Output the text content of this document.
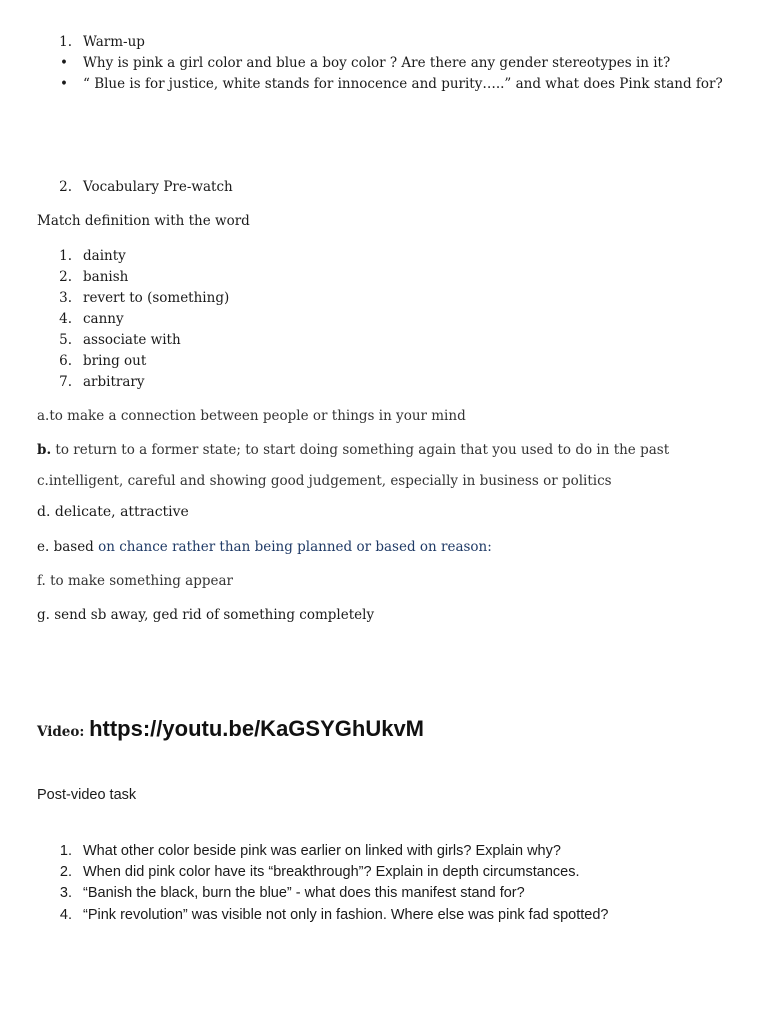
1. Warm-up
• Why is pink a girl color and blue a boy color ? Are there any gender stereotypes in it?
• “ Blue is for justice, white stands for innocence and purity…..” and what does Pink stand for?
2. Vocabulary Pre-watch
Match definition with the word
1. dainty
2. banish
3. revert to (something)
4. canny
5. associate with
6. bring out
7. arbitrary
a.to make a connection between people or things in your mind
b. to return to a former state; to start doing something again that you used to do in the past
c.intelligent, careful and showing good judgement, especially in business or politics
d. delicate, attractive
e. based on chance rather than being planned or based on reason:
f. to make something appear
g. send sb away, ged rid of something completely
Video: https://youtu.be/KaGSYGhUkvM
Post-video task
1. What other color beside pink was earlier on linked with girls? Explain why?
2. When did pink color have its “breakthrough”? Explain in depth circumstances.
3. “Banish the black, burn the blue” - what does this manifest stand for?
4. “Pink revolution” was visible not only in fashion. Where else was pink fad spotted?
